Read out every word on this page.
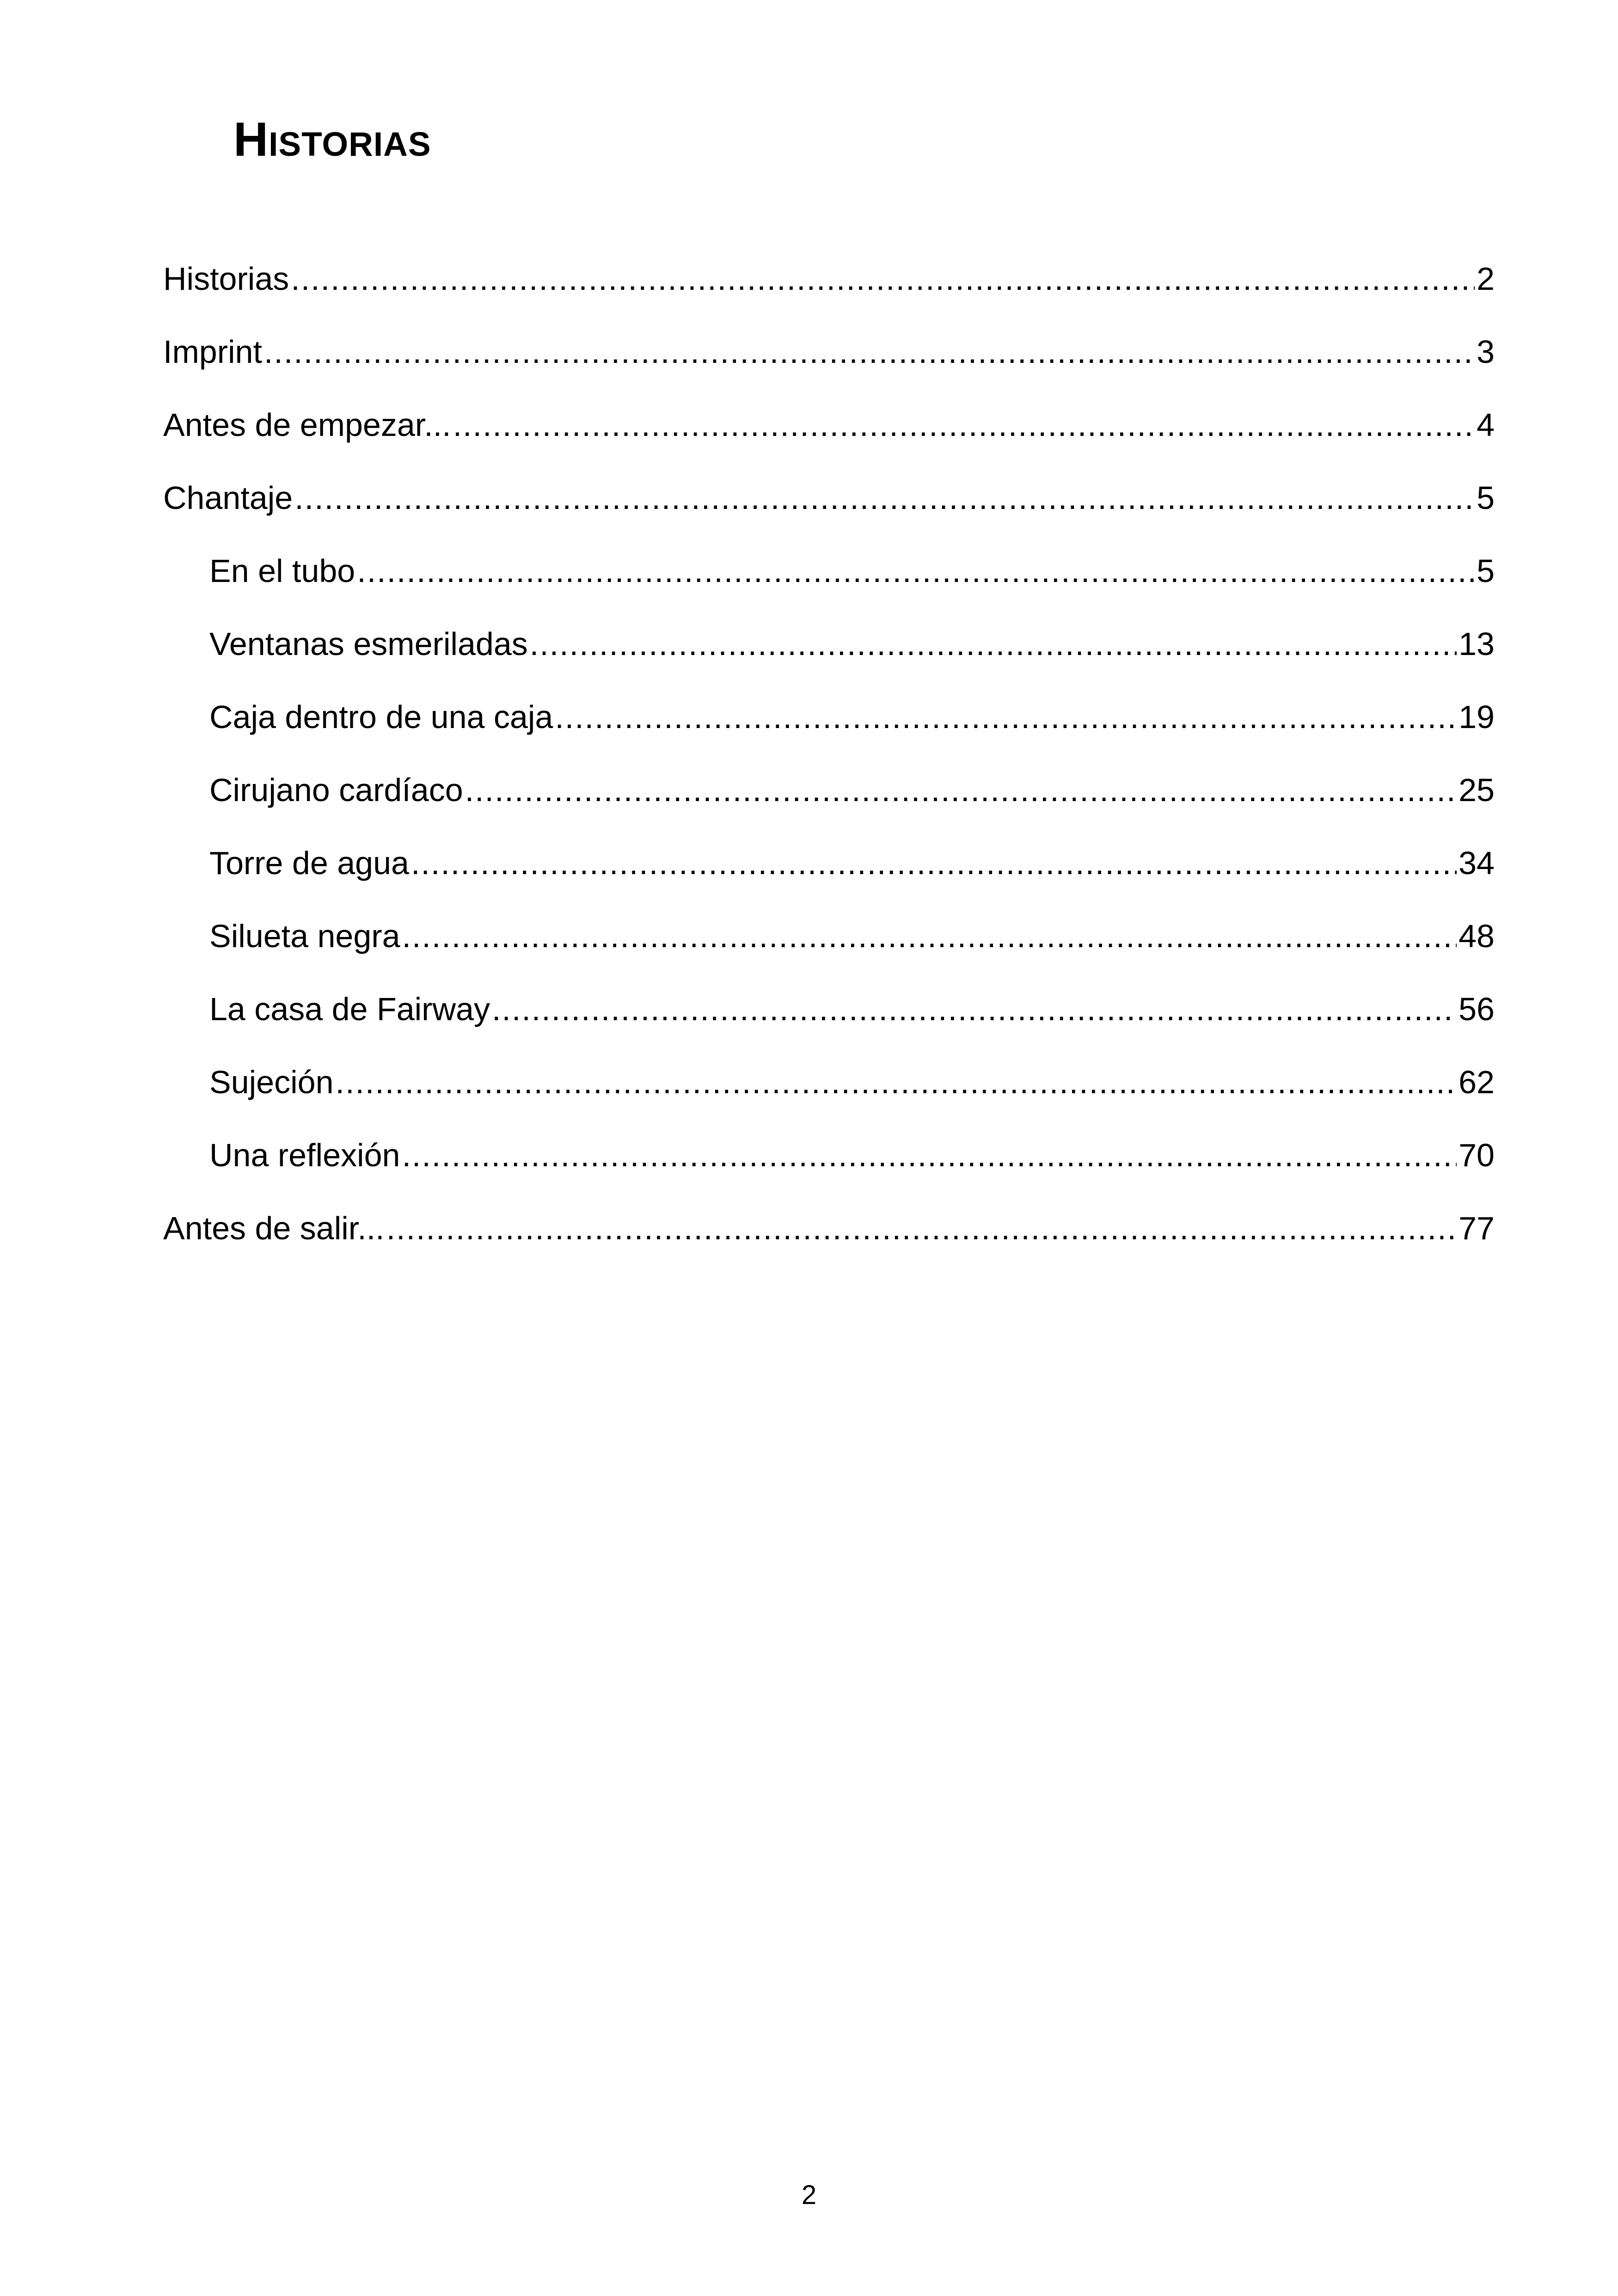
Historias
Historias .....	2
Imprint .....	3
Antes de empezar... .....	4
Chantaje .....	5
En el tubo .....	5
Ventanas esmeriladas .....	13
Caja dentro de una caja .....	19
Cirujano cardíaco .....	25
Torre de agua .....	34
Silueta negra .....	48
La casa de Fairway .....	56
Sujeción .....	62
Una reflexión .....	70
Antes de salir... .....	77
2
